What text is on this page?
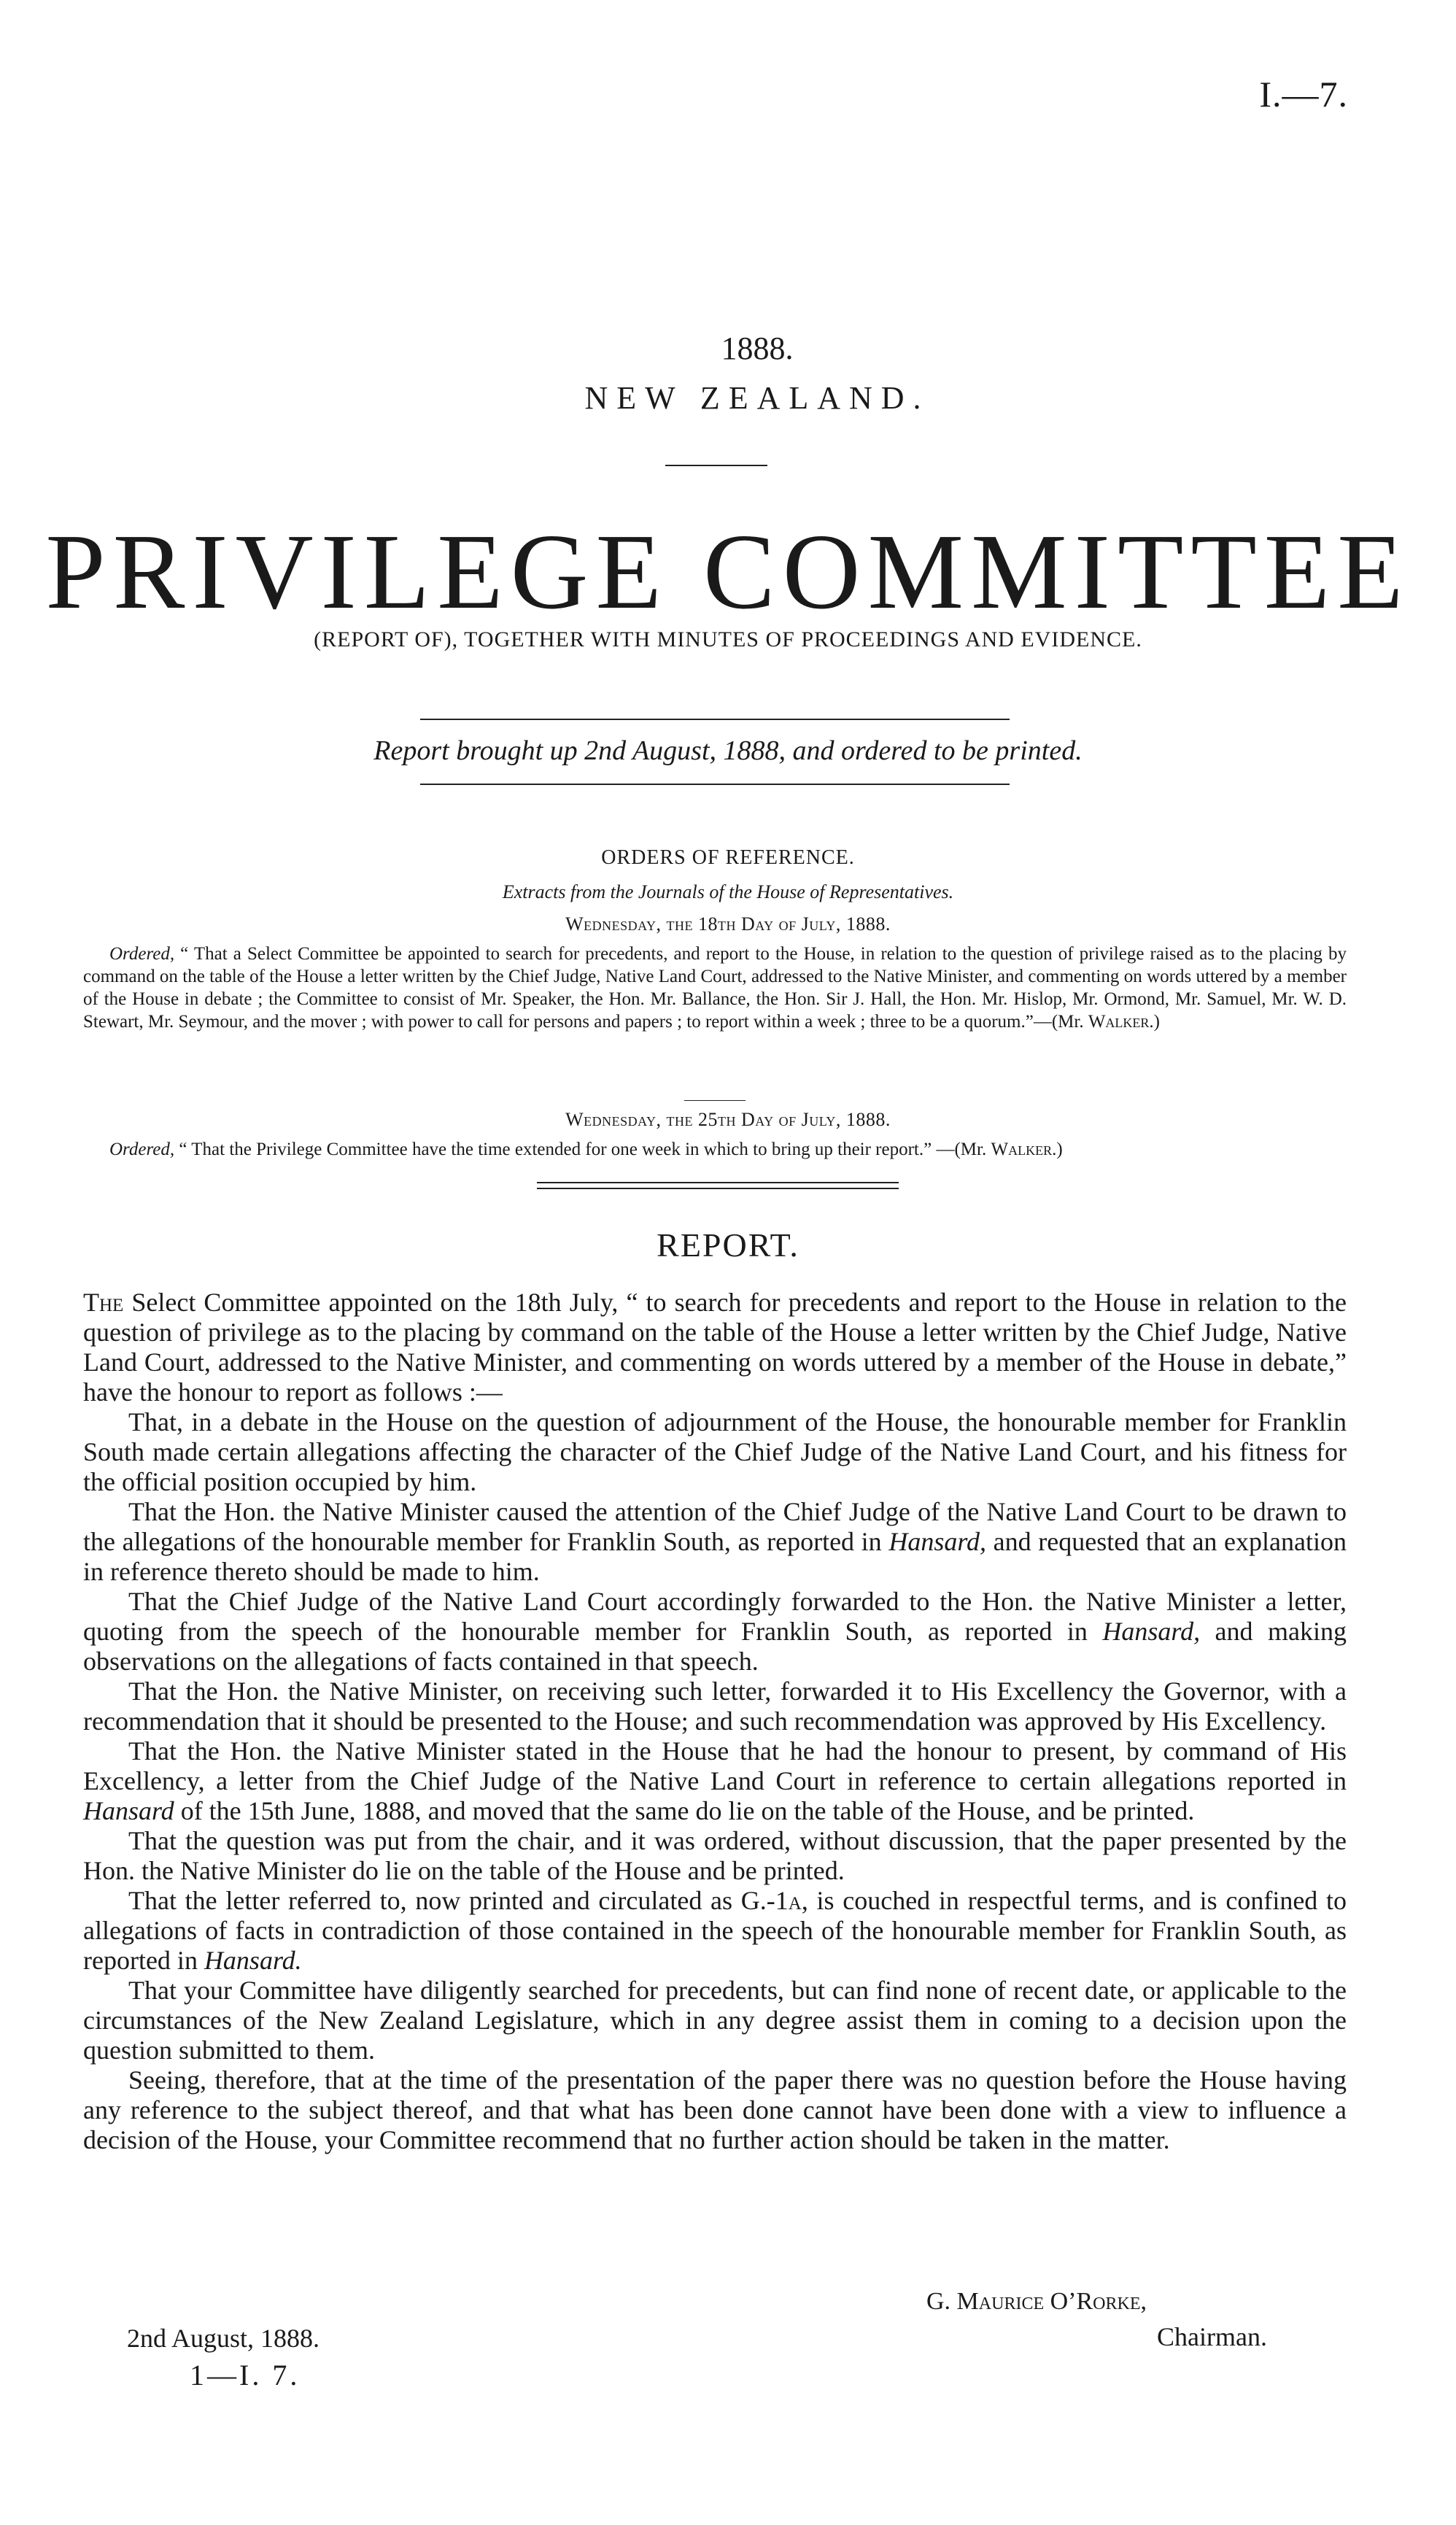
I.—7.
1888.
NEW ZEALAND.
PRIVILEGE COMMITTEE
(REPORT OF), TOGETHER WITH MINUTES OF PROCEEDINGS AND EVIDENCE.
Report brought up 2nd August, 1888, and ordered to be printed.
ORDERS OF REFERENCE.
Extracts from the Journals of the House of Representatives.
Wednesday, the 18th Day of July, 1888.

Ordered, “ That a Select Committee be appointed to search for precedents, and report to the House, in relation to the question of privilege raised as to the placing by command on the table of the House a letter written by the Chief Judge, Native Land Court, addressed to the Native Minister, and commenting on words uttered by a member of the House in debate ; the Committee to consist of Mr. Speaker, the Hon. Mr. Ballance, the Hon. Sir J. Hall, the Hon. Mr. Hislop, Mr. Ormond, Mr. Samuel, Mr. W. D. Stewart, Mr. Seymour, and the mover ; with power to call for persons and papers ; to report within a week ; three to be a quorum.”—(Mr. Walker.)

Wednesday, the 25th Day of July, 1888.

Ordered, “ That the Privilege Committee have the time extended for one week in which to bring up their report.” —(Mr. Walker.)

REPORT.

The Select Committee appointed on the 18th July, “ to search for precedents and report to the House in relation to the question of privilege as to the placing by command on the table of the House a letter written by the Chief Judge, Native Land Court, addressed to the Native Minister, and commenting on words uttered by a member of the House in debate,” have the honour to report as follows :—

That, in a debate in the House on the question of adjournment of the House, the honourable member for Franklin South made certain allegations affecting the character of the Chief Judge of the Native Land Court, and his fitness for the official position occupied by him.

That the Hon. the Native Minister caused the attention of the Chief Judge of the Native Land Court to be drawn to the allegations of the honourable member for Franklin South, as reported in Hansard, and requested that an explanation in reference thereto should be made to him.

That the Chief Judge of the Native Land Court accordingly forwarded to the Hon. the Native Minister a letter, quoting from the speech of the honourable member for Franklin South, as reported in Hansard, and making observations on the allegations of facts contained in that speech.

That the Hon. the Native Minister, on receiving such letter, forwarded it to His Excellency the Governor, with a recommendation that it should be presented to the House; and such recommendation was approved by His Excellency.

That the Hon. the Native Minister stated in the House that he had the honour to present, by command of His Excellency, a letter from the Chief Judge of the Native Land Court in reference to certain allegations reported in Hansard of the 15th June, 1888, and moved that the same do lie on the table of the House, and be printed.

That the question was put from the chair, and it was ordered, without discussion, that the paper presented by the Hon. the Native Minister do lie on the table of the House and be printed.

That the letter referred to, now printed and circulated as G.-1a, is couched in respectful terms, and is confined to allegations of facts in contradiction of those contained in the speech of the honourable member for Franklin South, as reported in Hansard.

That your Committee have diligently searched for precedents, but can find none of recent date, or applicable to the circumstances of the New Zealand Legislature, which in any degree assist them in coming to a decision upon the question submitted to them.

Seeing, therefore, that at the time of the presentation of the paper there was no question before the House having any reference to the subject thereof, and that what has been done cannot have been done with a view to influence a decision of the House, your Committee recommend that no further action should be taken in the matter.

G. Maurice O’Rorke,
Chairman.
2nd August, 1888.
1—I. 7.
